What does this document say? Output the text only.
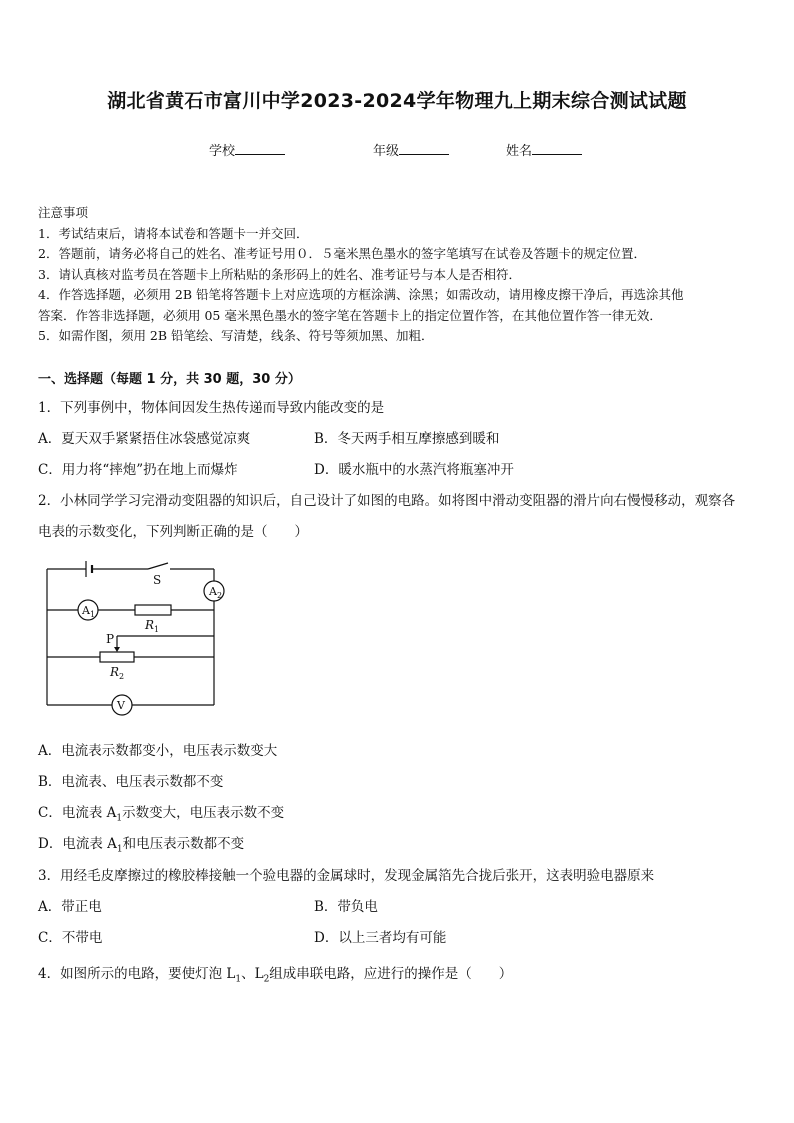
湖北省黄石市富川中学2023-2024学年物理九上期末综合测试试题
学校	年级	姓名

注意事项

1．考试结束后，请将本试卷和答题卡一并交回．

2．答题前，请务必将自己的姓名、准考证号用０．５毫米黑色墨水的签字笔填写在试卷及答题卡的规定位置．

3．请认真核对监考员在答题卡上所粘贴的条形码上的姓名、准考证号与本人是否相符．

4．作答选择题，必须用 2B 铅笔将答题卡上对应选项的方框涂满、涂黑；如需改动，请用橡皮擦干净后，再选涂其他

答案．作答非选择题，必须用 05 毫米黑色墨水的签字笔在答题卡上的指定位置作答，在其他位置作答一律无效．

5．如需作图，须用 2B 铅笔绘、写清楚，线条、符号等须加黑、加粗．

一、选择题（每题 1 分，共 30 题，30 分）
1．下列事例中，物体间因发生热传递而导致内能改变的是
A．夏天双手紧紧捂住冰袋感觉凉爽	B．冬天两手相互摩擦感到暖和
C．用力将“摔炮”扔在地上而爆炸	D．暖水瓶中的水蒸汽将瓶塞冲开
2．小林同学学习完滑动变阻器的知识后，自己设计了如图的电路。如将图中滑动变阻器的滑片向右慢慢移动，观察各
电表的示数变化，下列判断正确的是（　　）
S
$A_2$
$A_1$
V
P
$R_1$
$R_2$
A．电流表示数都变小，电压表示数变大
B．电流表、电压表示数都不变
C．电流表 $A_1$示数变大，电压表示数不变
D．电流表 $A_1$和电压表示数都不变
3．用经毛皮摩擦过的橡胶棒接触一个验电器的金属球时，发现金属箔先合拢后张开，这表明验电器原来
A．带正电	B．带负电
C．不带电	D．以上三者均有可能
4．如图所示的电路，要使灯泡 $L_1$、$L_2$组成串联电路，应进行的操作是（　　）
